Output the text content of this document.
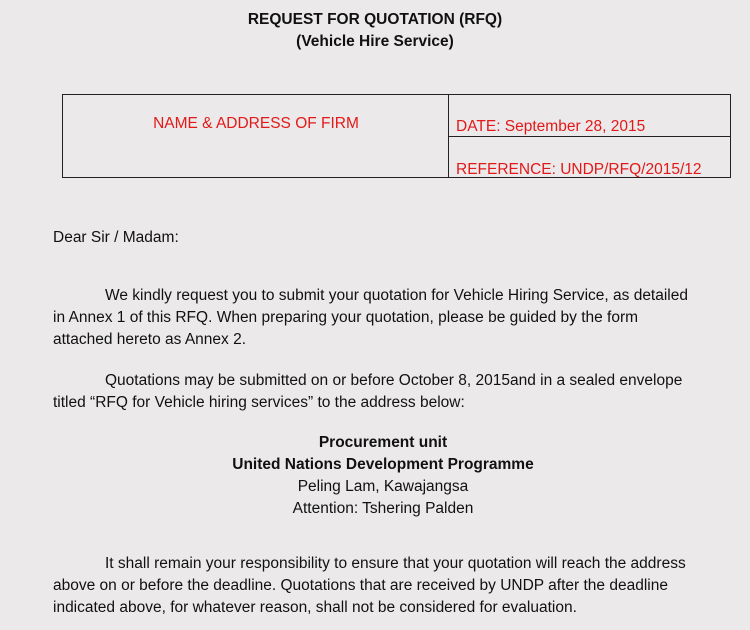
REQUEST FOR QUOTATION (RFQ)
(Vehicle Hire Service)
NAME & ADDRESS OF FIRM	DATE: September 28, 2015
REFERENCE: UNDP/RFQ/2015/12
Dear Sir / Madam:
We kindly request you to submit your quotation for Vehicle Hiring Service, as detailed
in Annex 1 of this RFQ. When preparing your quotation, please be guided by the form
attached hereto as Annex 2.
Quotations may be submitted on or before October 8, 2015and in a sealed envelope
titled “RFQ for Vehicle hiring services” to the address below:
Procurement unit
United Nations Development Programme
Peling Lam, Kawajangsa
Attention: Tshering Palden
It shall remain your responsibility to ensure that your quotation will reach the address
above on or before the deadline. Quotations that are received by UNDP after the deadline
indicated above, for whatever reason, shall not be considered for evaluation.
